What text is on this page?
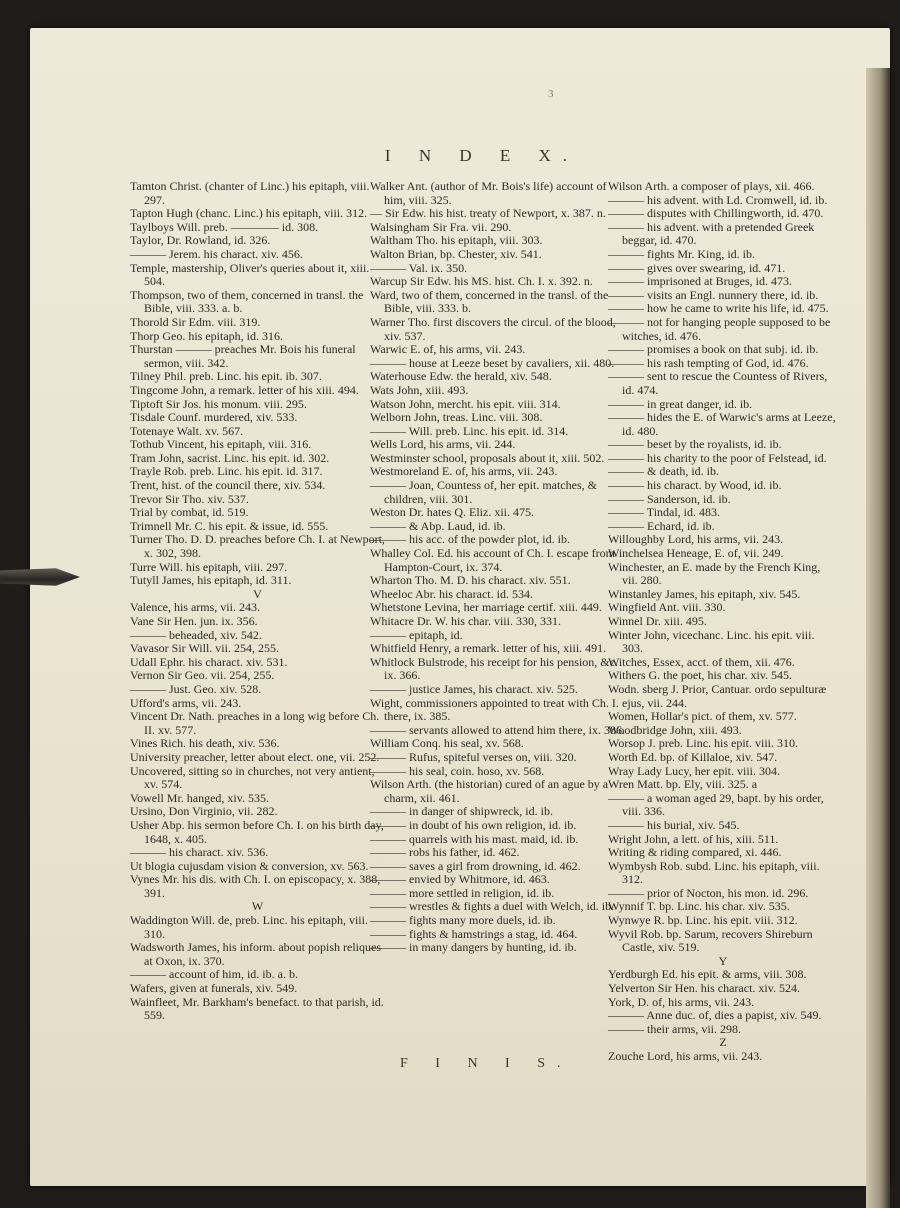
3
I N D E X.

Tamton Christ. (chanter of Linc.) his epitaph, viii. 297.

Tapton Hugh (chanc. Linc.) his epitaph, viii. 312.

Taylboys Will. preb. ———— id. 308.

Taylor, Dr. Rowland, id. 326.

——— Jerem. his charact. xiv. 456.

Temple, mastership, Oliver's queries about it, xiii. 504.

Thompson, two of them, concerned in transl. the Bible, viii. 333. a. b.

Thorold Sir Edm. viii. 319.

Thorp Geo. his epitaph, id. 316.

Thurstan ——— preaches Mr. Bois his funeral sermon, viii. 342.

Tilney Phil. preb. Linc. his epit. ib. 307.

Tingcome John, a remark. letter of his xiii. 494.

Tiptoft Sir Jos. his monum. viii. 295.

Tisdale Counf. murdered, xiv. 533.

Totenaye Walt. xv. 567.

Tothub Vincent, his epitaph, viii. 316.

Tram John, sacrist. Linc. his epit. id. 302.

Trayle Rob. preb. Linc. his epit. id. 317.

Trent, hist. of the council there, xiv. 534.

Trevor Sir Tho. xiv. 537.

Trial by combat, id. 519.

Trimnell Mr. C. his epit. & issue, id. 555.

Turner Tho. D. D. preaches before Ch. I. at Newport, x. 302, 398.

Turre Will. his epitaph, viii. 297.

Tutyll James, his epitaph, id. 311.

V

Valence, his arms, vii. 243.

Vane Sir Hen. jun. ix. 356.

——— beheaded, xiv. 542.

Vavasor Sir Will. vii. 254, 255.

Udall Ephr. his charact. xiv. 531.

Vernon Sir Geo. vii. 254, 255.

——— Just. Geo. xiv. 528.

Ufford's arms, vii. 243.

Vincent Dr. Nath. preaches in a long wig before Ch. II. xv. 577.

Vines Rich. his death, xiv. 536.

University preacher, letter about elect. one, vii. 252.

Uncovered, sitting so in churches, not very antient, xv. 574.

Vowell Mr. hanged, xiv. 535.

Ursino, Don Virginio, vii. 282.

Usher Abp. his sermon before Ch. I. on his birth day, 1648, x. 405.

——— his charact. xiv. 536.

Ut blogia cujusdam vision & conversion, xv. 563.

Vynes Mr. his dis. with Ch. I. on episcopacy, x. 388, 391.

W

Waddington Will. de, preb. Linc. his epitaph, viii. 310.

Wadsworth James, his inform. about popish reliques at Oxon, ix. 370.

——— account of him, id. ib. a. b.

Wafers, given at funerals, xiv. 549.

Wainfleet, Mr. Barkham's benefact. to that parish, id. 559.

Walker Ant. (author of Mr. Bois's life) account of him, viii. 325.

— Sir Edw. his hist. treaty of Newport, x. 387. n.

Walsingham Sir Fra. vii. 290.

Waltham Tho. his epitaph, viii. 303.

Walton Brian, bp. Chester, xiv. 541.

——— Val. ix. 350.

Warcup Sir Edw. his MS. hist. Ch. I. x. 392. n.

Ward, two of them, concerned in the transl. of the Bible, viii. 333. b.

Warner Tho. first discovers the circul. of the blood, xiv. 537.

Warwic E. of, his arms, vii. 243.

——— house at Leeze beset by cavaliers, xii. 480.

Waterhouse Edw. the herald, xiv. 548.

Wats John, xiii. 493.

Watson John, mercht. his epit. viii. 314.

Welborn John, treas. Linc. viii. 308.

——— Will. preb. Linc. his epit. id. 314.

Wells Lord, his arms, vii. 244.

Westminster school, proposals about it, xiii. 502.

Westmoreland E. of, his arms, vii. 243.

——— Joan, Countess of, her epit. matches, & children, viii. 301.

Weston Dr. hates Q. Eliz. xii. 475.

——— & Abp. Laud, id. ib.

——— his acc. of the powder plot, id. ib.

Whalley Col. Ed. his account of Ch. I. escape from Hampton-Court, ix. 374.

Wharton Tho. M. D. his charact. xiv. 551.

Wheeloc Abr. his charact. id. 534.

Whetstone Levina, her marriage certif. xiii. 449.

Whitacre Dr. W. his char. viii. 330, 331.

——— epitaph, id.

Whitfield Henry, a remark. letter of his, xiii. 491.

Whitlock Bulstrode, his receipt for his pension, &c. ix. 366.

——— justice James, his charact. xiv. 525.

Wight, commissioners appointed to treat with Ch. I. there, ix. 385.

——— servants allowed to attend him there, ix. 386.

William Conq. his seal, xv. 568.

——— Rufus, spiteful verses on, viii. 320.

——— his seal, coin. hoso, xv. 568.

Wilson Arth. (the historian) cured of an ague by a charm, xii. 461.

——— in danger of shipwreck, id. ib.

——— in doubt of his own religion, id. ib.

——— quarrels with his mast. maid, id. ib.

——— robs his father, id. 462.

——— saves a girl from drowning, id. 462.

——— envied by Whitmore, id. 463.

——— more settled in religion, id. ib.

——— wrestles & fights a duel with Welch, id. ib.

——— fights many more duels, id. ib.

——— fights & hamstrings a stag, id. 464.

——— in many dangers by hunting, id. ib.

Wilson Arth. a composer of plays, xii. 466.

——— his advent. with Ld. Cromwell, id. ib.

——— disputes with Chillingworth, id. 470.

——— his advent. with a pretended Greek beggar, id. 470.

——— fights Mr. King, id. ib.

——— gives over swearing, id. 471.

——— imprisoned at Bruges, id. 473.

——— visits an Engl. nunnery there, id. ib.

——— how he came to write his life, id. 475.

——— not for hanging people supposed to be witches, id. 476.

——— promises a book on that subj. id. ib.

——— his rash tempting of God, id. 476.

——— sent to rescue the Countess of Rivers, id. 474.

——— in great danger, id. ib.

——— hides the E. of Warwic's arms at Leeze, id. 480.

——— beset by the royalists, id. ib.

——— his charity to the poor of Felstead, id.

——— & death, id. ib.

——— his charact. by Wood, id. ib.

——— Sanderson, id. ib.

——— Tindal, id. 483.

——— Echard, id. ib.

Willoughby Lord, his arms, vii. 243.

Winchelsea Heneage, E. of, vii. 249.

Winchester, an E. made by the French King, vii. 280.

Winstanley James, his epitaph, xiv. 545.

Wingfield Ant. viii. 330.

Winnel Dr. xiii. 495.

Winter John, vicechanc. Linc. his epit. viii. 303.

Witches, Essex, acct. of them, xii. 476.

Withers G. the poet, his char. xiv. 545.

Wodn. sberg J. Prior, Cantuar. ordo sepulturæ ejus, vii. 244.

Women, Hollar's pict. of them, xv. 577.

Woodbridge John, xiii. 493.

Worsop J. preb. Linc. his epit. viii. 310.

Worth Ed. bp. of Killaloe, xiv. 547.

Wray Lady Lucy, her epit. viii. 304.

Wren Matt. bp. Ely, viii. 325. a

——— a woman aged 29, bapt. by his order, viii. 336.

——— his burial, xiv. 545.

Wright John, a lett. of his, xiii. 511.

Writing & riding compared, xi. 446.

Wymbysh Rob. subd. Linc. his epitaph, viii. 312.

——— prior of Nocton, his mon. id. 296.

Wynnif T. bp. Linc. his char. xiv. 535.

Wynwye R. bp. Linc. his epit. viii. 312.

Wyvil Rob. bp. Sarum, recovers Shireburn Castle, xiv. 519.

Y

Yerdburgh Ed. his epit. & arms, viii. 308.

Yelverton Sir Hen. his charact. xiv. 524.

York, D. of, his arms, vii. 243.

——— Anne duc. of, dies a papist, xiv. 549.

——— their arms, vii. 298.

Z

Zouche Lord, his arms, vii. 243.

F I N I S.
